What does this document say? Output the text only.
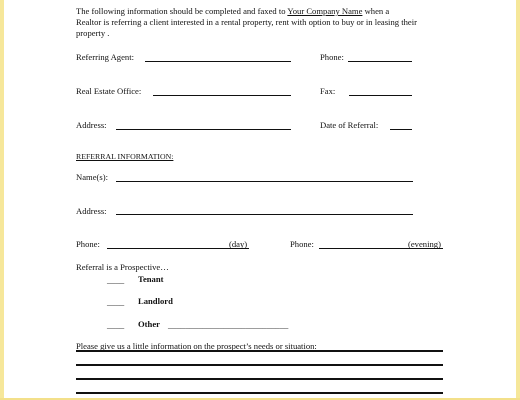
The following information should be completed and faxed to Your Company Name when a
Realtor is referring a client interested in a rental property, rent with option to buy or in leasing their
property .
Referring Agent:	Phone:
Real Estate Office:	Fax:
Address:	Date of Referral:
REFERRAL INFORMATION:
Name(s):
Address:
Phone:	(day)	Phone:	(evening)
Referral is a Prospective…
____ Tenant
____ Landlord
____ Other ____________________________
Please give us a little information on the prospect’s needs or situation:
